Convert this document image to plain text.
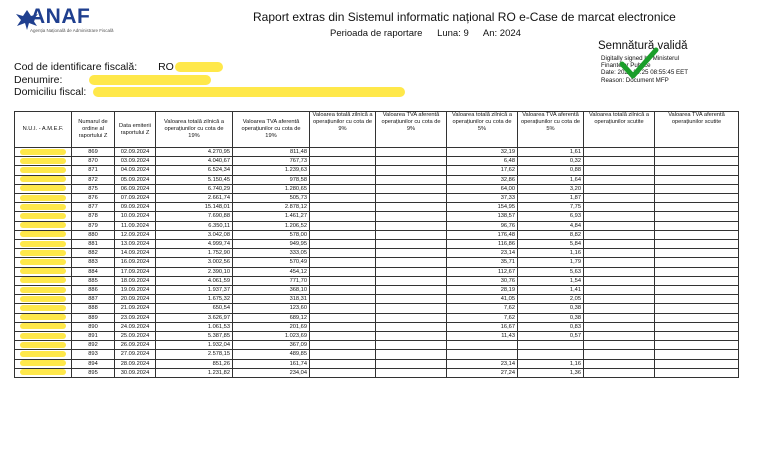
ANAF
Agenția Națională de Administrare Fiscală
Raport extras din Sistemul informatic național RO e-Case de marcat electronice
Perioada de raportare Luna: 9 An: 2024
Semnătură validă
Digitally signed by Ministerul
Finantelor Publice
Date: 2024.10.25 08:55:45 EET
Reason: Document MFP
Cod de identificare fiscală: RO
Denumire:
Domiciliu fiscal:
N.U.I. - A.M.E.F.	Numarul de ordine al raportului Z	Data emiterii raportului Z	Valoarea totală zilnică a operațiunilor cu cota de 19%	Valoarea TVA aferentă operațiunilor cu cota de 19%	Valoarea totală zilnică a operațiunilor cu cota de 9%	Valoarea TVA aferentă operațiunilor cu cota de 9%	Valoarea totală zilnică a operațiunilor cu cota de 5%	Valoarea TVA aferentă operațiunilor cu cota de 5%	Valoarea totală zilnică a operațiunilor scutite	Valoarea TVA aferentă operațiunilor scutite
	869	02.09.2024	4.270,95	811,48			32,19	1,61		
	870	03.09.2024	4.040,67	767,73			6,48	0,32		
	871	04.09.2024	6.524,34	1.239,63			17,62	0,88		
	872	05.09.2024	5.150,45	978,58			32,86	1,64		
	875	06.09.2024	6.740,29	1.280,65			64,00	3,20		
	876	07.09.2024	2.661,74	505,73			37,33	1,87		
	877	09.09.2024	15.148,01	2.878,12			154,95	7,75		
	878	10.09.2024	7.690,88	1.461,27			138,57	6,93		
	879	11.09.2024	6.350,11	1.206,52			96,76	4,84		
	880	12.09.2024	3.042,08	578,00			176,48	8,82		
	881	13.09.2024	4.999,74	949,95			116,86	5,84		
	882	14.09.2024	1.752,90	333,05			23,14	1,16		
	883	16.09.2024	3.002,56	570,49			35,71	1,79		
	884	17.09.2024	2.390,10	454,12			112,67	5,63		
	885	18.09.2024	4.061,59	771,70			30,76	1,54		
	886	19.09.2024	1.937,37	368,10			28,19	1,41		
	887	20.09.2024	1.675,32	318,31			41,05	2,05		
	888	21.09.2024	650,54	123,60			7,62	0,38		
	889	23.09.2024	3.626,97	689,12			7,62	0,38		
	890	24.09.2024	1.061,53	201,69			16,67	0,83		
	891	25.09.2024	5.387,85	1.023,69			11,43	0,57		
	892	26.09.2024	1.932,04	367,09						
	893	27.09.2024	2.578,15	489,85						
	894	28.09.2024	851,26	161,74			23,14	1,16		
	895	30.09.2024	1.231,82	234,04			27,24	1,36		
